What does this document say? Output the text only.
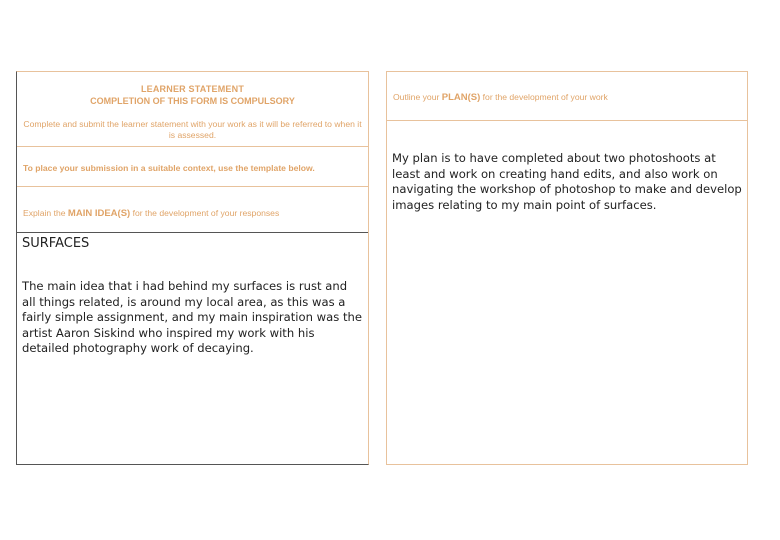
LEARNER STATEMENT
COMPLETION OF THIS FORM IS COMPULSORY
Complete and submit the learner statement with your work as it will be referred to when it is assessed.
To place your submission in a suitable context, use the template below.
Explain the MAIN IDEA(S) for the development of your responses
SURFACES
The main idea that i had behind my surfaces is rust and all things related, is around my local area, as this was a fairly simple assignment, and my main inspiration was the artist Aaron Siskind who inspired my work with his detailed photography work of decaying.
Outline your PLAN(S) for the development of your work
My plan is to have completed about two photoshoots at least and work on creating hand edits, and also work on navigating the workshop of photoshop to make and develop images relating to my main point of surfaces.
